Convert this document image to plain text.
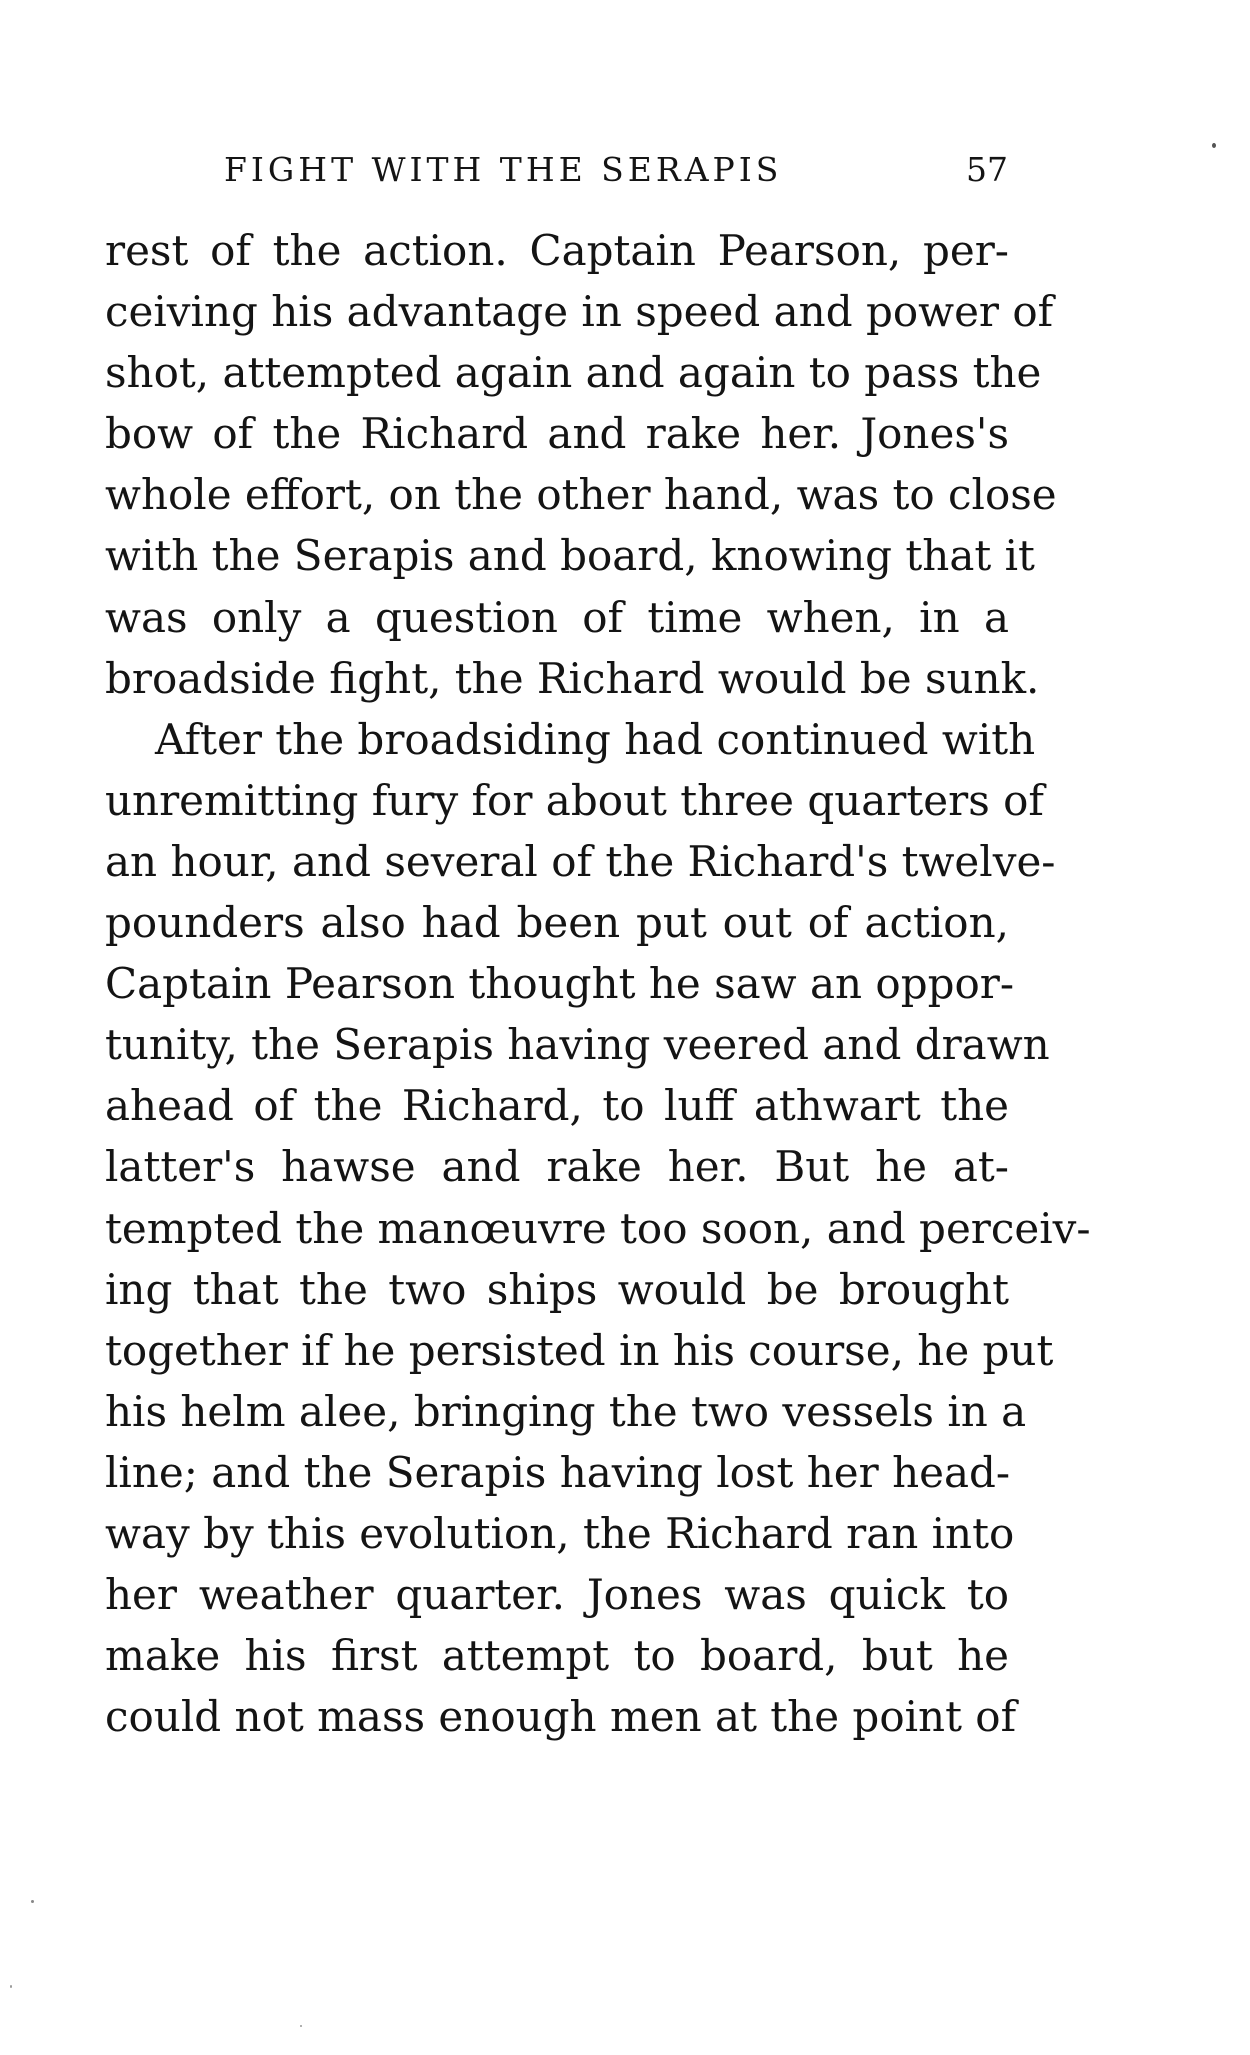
FIGHT WITH THE SERAPIS	57
rest of the action. Captain Pearson, per-
ceiving his advantage in speed and power of
shot, attempted again and again to pass the
bow of the Richard and rake her. Jones's
whole effort, on the other hand, was to close
with the Serapis and board, knowing that it
was only a question of time when, in a
broadside fight, the Richard would be sunk.
After the broadsiding had continued with
unremitting fury for about three quarters of
an hour, and several of the Richard's twelve-
pounders also had been put out of action,
Captain Pearson thought he saw an oppor-
tunity, the Serapis having veered and drawn
ahead of the Richard, to luff athwart the
latter's hawse and rake her. But he at-
tempted the manœuvre too soon, and perceiv-
ing that the two ships would be brought
together if he persisted in his course, he put
his helm alee, bringing the two vessels in a
line; and the Serapis having lost her head-
way by this evolution, the Richard ran into
her weather quarter. Jones was quick to
make his first attempt to board, but he
could not mass enough men at the point of
